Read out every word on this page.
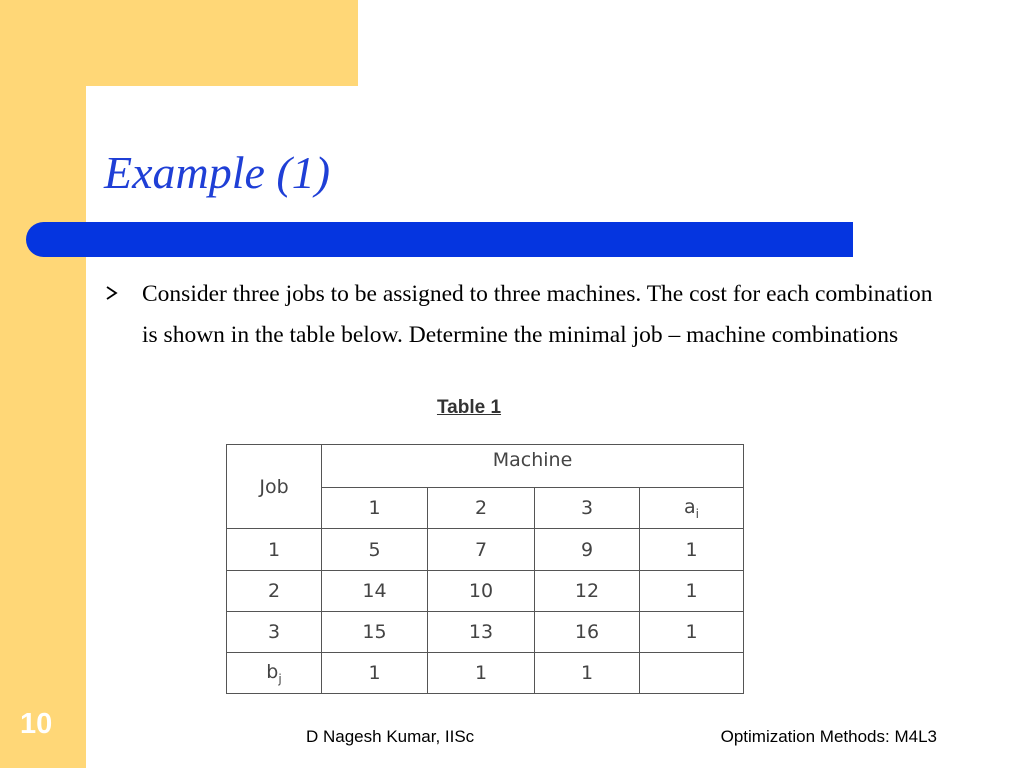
Example (1)

Consider three jobs to be assigned to three machines. The cost for each combination is shown in the table below. Determine the minimal job – machine combinations

Table 1
Job	Machine			
	1	2	3	$a_i$
1	5	7	9	1
2	14	10	12	1
3	15	13	16	1
$b_j$	1	1	1	
10	D Nagesh Kumar, IISc	Optimization Methods: M4L3
